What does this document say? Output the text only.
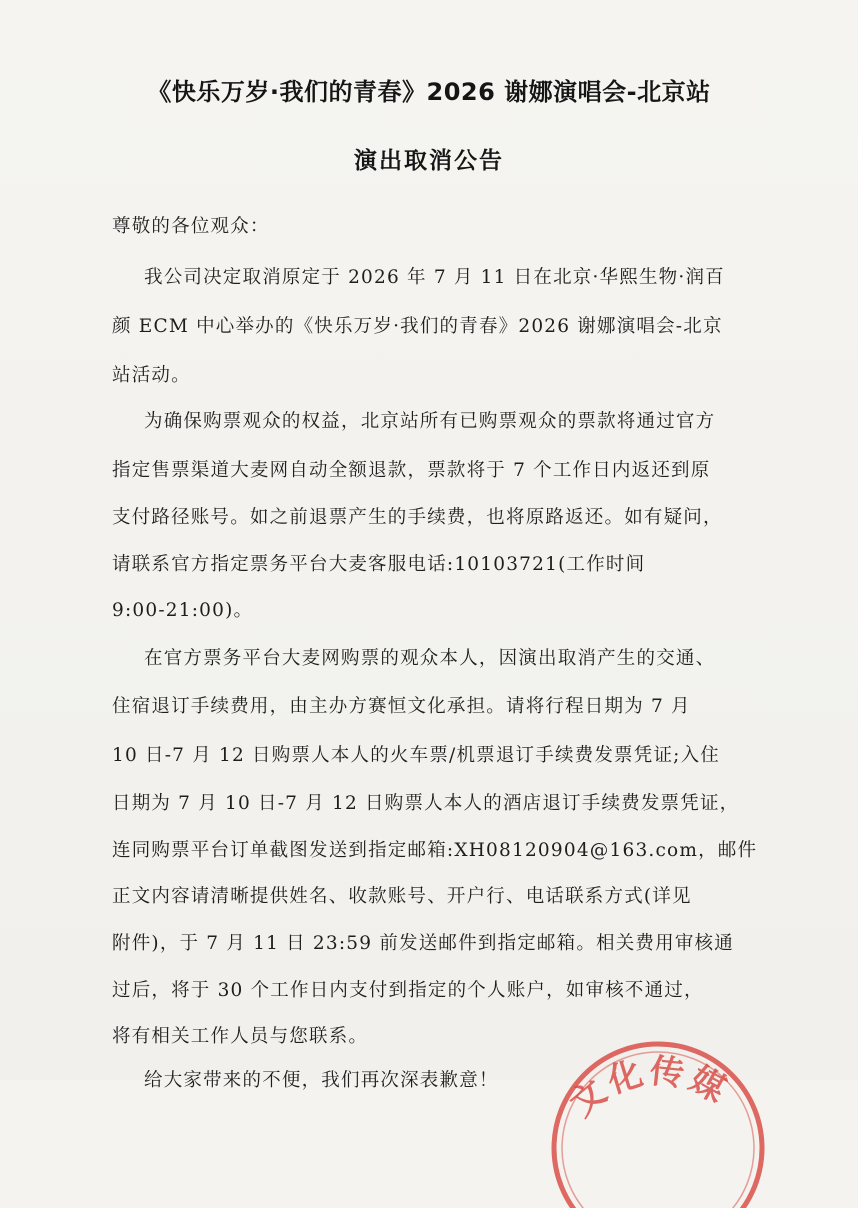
《快乐万岁·我们的青春》2026 谢娜演唱会-北京站
演出取消公告
尊敬的各位观众：
我公司决定取消原定于 2026 年 7 月 11 日在北京·华熙生物·润百
颜 ECM 中心举办的《快乐万岁·我们的青春》2026 谢娜演唱会-北京
站活动。
为确保购票观众的权益，北京站所有已购票观众的票款将通过官方
指定售票渠道大麦网自动全额退款，票款将于 7 个工作日内返还到原
支付路径账号。如之前退票产生的手续费，也将原路返还。如有疑问，
请联系官方指定票务平台大麦客服电话:10103721(工作时间
9:00-21:00)。
在官方票务平台大麦网购票的观众本人，因演出取消产生的交通、
住宿退订手续费用，由主办方赛恒文化承担。请将行程日期为 7 月
10 日-7 月 12 日购票人本人的火车票/机票退订手续费发票凭证;入住
日期为 7 月 10 日-7 月 12 日购票人本人的酒店退订手续费发票凭证，
连同购票平台订单截图发送到指定邮箱:XH08120904@163.com，邮件
正文内容请清晰提供姓名、收款账号、开户行、电话联系方式(详见
附件)，于 7 月 11 日 23:59 前发送邮件到指定邮箱。相关费用审核通
过后，将于 30 个工作日内支付到指定的个人账户，如审核不通过，
将有相关工作人员与您联系。
给大家带来的不便，我们再次深表歉意！ 文化传媒
